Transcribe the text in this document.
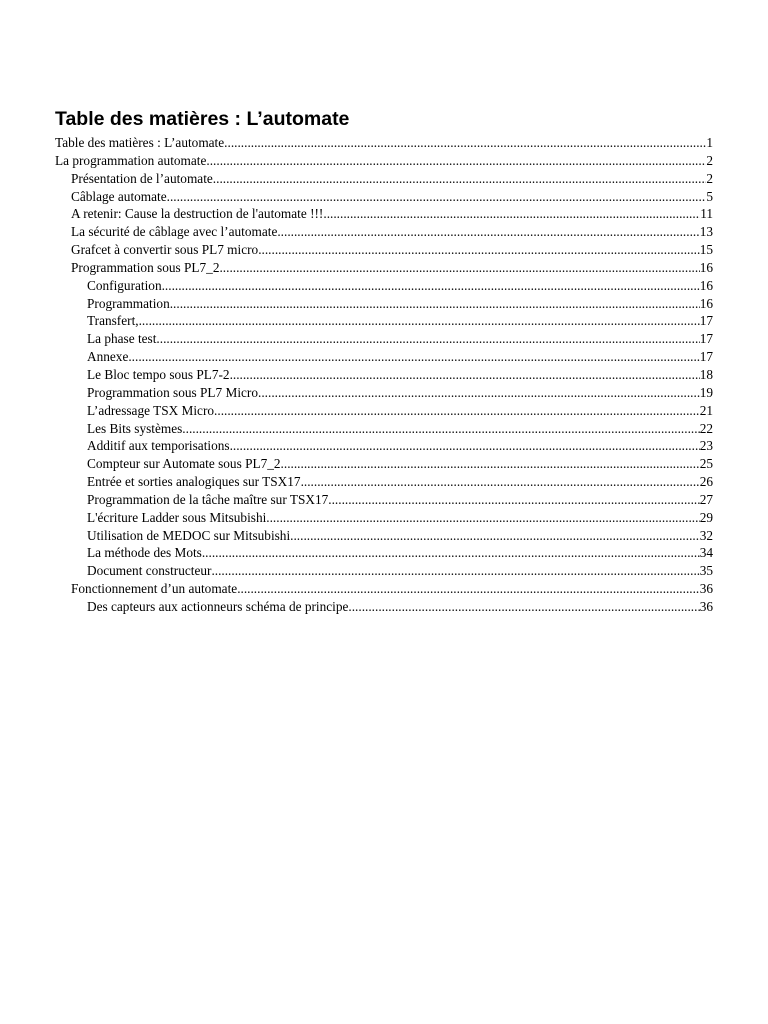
Table des matières : L’automate
Table des matières : L’automate .....	1
La programmation automate .....	2
Présentation de l’automate .....	2
Câblage automate .....	5
A retenir: Cause la destruction de l'automate !!! .....	11
La sécurité de câblage avec l’automate .....	13
Grafcet à convertir sous PL7 micro .....	15
Programmation sous PL7_2 .....	16
Configuration .....	16
Programmation .....	16
Transfert, .....	17
La phase test .....	17
Annexe .....	17
Le Bloc tempo sous PL7-2 .....	18
Programmation sous PL7 Micro .....	19
L’adressage TSX Micro .....	21
Les Bits systèmes .....	22
Additif aux temporisations .....	23
Compteur sur Automate sous PL7_2 .....	25
Entrée et sorties analogiques sur TSX17 .....	26
Programmation de la tâche maître sur TSX17 .....	27
L'écriture Ladder sous Mitsubishi .....	29
Utilisation de MEDOC sur Mitsubishi .....	32
La méthode des Mots .....	34
Document constructeur .....	35
Fonctionnement d’un automate .....	36
Des capteurs aux actionneurs schéma de principe .....	36
